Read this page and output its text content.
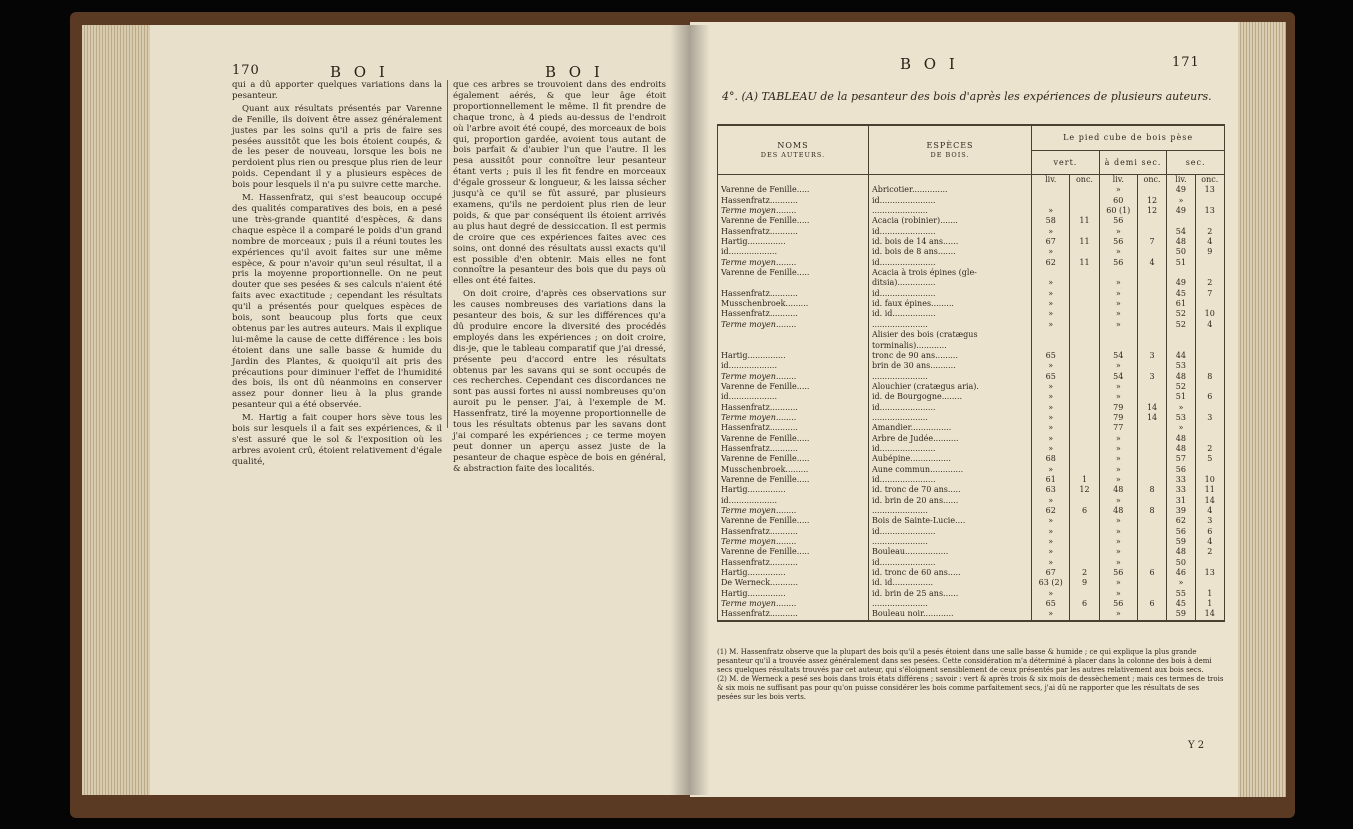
170	B O I	B O I

qui a dû apporter quelques variations dans la pesanteur.

Quant aux résultats présentés par Varenne de Fenille, ils doivent être assez généralement justes par les soins qu'il a pris de faire ses pesées aussitôt que les bois étoient coupés, & de les peser de nouveau, lorsque les bois ne perdoient plus rien ou presque plus rien de leur poids. Cependant il y a plusieurs espèces de bois pour lesquels il n'a pu suivre cette marche.

M. Hassenfratz, qui s'est beaucoup occupé des qualités comparatives des bois, en a pesé une très-grande quantité d'espèces, & dans chaque espèce il a comparé le poids d'un grand nombre de morceaux ; puis il a réuni toutes les expériences qu'il avoit faites sur une même espèce, & pour n'avoir qu'un seul résultat, il a pris la moyenne proportionnelle. On ne peut douter que ses pesées & ses calculs n'aient été faits avec exactitude ; cependant les résultats qu'il a présentés pour quelques espèces de bois, sont beaucoup plus forts que ceux obtenus par les autres auteurs. Mais il explique lui-même la cause de cette différence : les bois étoient dans une salle basse & humide du Jardin des Plantes, & quoiqu'il ait pris des précautions pour diminuer l'effet de l'humidité des bois, ils ont dû néanmoins en conserver assez pour donner lieu à la plus grande pesanteur qui a été observée.

M. Hartig a fait couper hors sève tous les bois sur lesquels il a fait ses expériences, & il s'est assuré que le sol & l'exposition où les arbres avoient crû, étoient relativement d'égale qualité,

que ces arbres se trouvoient dans des endroits également aérés, & que leur âge étoit proportionnellement le même. Il fit prendre de chaque tronc, à 4 pieds au-dessus de l'endroit où l'arbre avoit été coupé, des morceaux de bois qui, proportion gardée, avoient tous autant de bois parfait & d'aubier l'un que l'autre. Il les pesa aussitôt pour connoître leur pesanteur étant verts ; puis il les fit fendre en morceaux d'égale grosseur & longueur, & les laissa sécher jusqu'à ce qu'il se fût assuré, par plusieurs examens, qu'ils ne perdoient plus rien de leur poids, & que par conséquent ils étoient arrivés au plus haut degré de dessiccation. Il est permis de croire que ces expériences faites avec ces soins, ont donné des résultats aussi exacts qu'il est possible d'en obtenir. Mais elles ne font connoître la pesanteur des bois que du pays où elles ont été faites.

On doit croire, d'après ces observations sur les causes nombreuses des variations dans la pesanteur des bois, & sur les différences qu'a dû produire encore la diversité des procédés employés dans les expériences ; on doit croire, dis-je, que le tableau comparatif que j'ai dressé, présente peu d'accord entre les résultats obtenus par les savans qui se sont occupés de ces recherches. Cependant ces discordances ne sont pas aussi fortes ni aussi nombreuses qu'on auroit pu le penser. J'ai, à l'exemple de M. Hassenfratz, tiré la moyenne proportionnelle de tous les résultats obtenus par les savans dont j'ai comparé les expériences ; ce terme moyen peut donner un aperçu assez juste de la pesanteur de chaque espèce de bois en général, & abstraction faite des localités.

B O I	171
4°. (A) TABLEAU de la pesanteur des bois d'après les expériences de plusieurs auteurs.
NOMS
DES AUTEURS.	ESPÈCES
DE BOIS.	Le pied cube de bois pèse					
		vert.		à demi sec.		sec.	
		liv.	onc.	liv.	onc.	liv.	onc.
Varenne de Fenille.....	Abricotier..............			»		49	13
Hassenfratz...........	id......................			60	12	»	
Terme moyen........	......................	»		60 (1)	12	49	13
Varenne de Fenille.....	Acacia (robinier).......	58	11	56			
Hassenfratz...........	id......................	»		»		54	2
Hartig...............	id. bois de 14 ans......	67	11	56	7	48	4
id...................	id. bois de 8 ans.......	»		»		50	9
Terme moyen........	id......................	62	11	56	4	51	
Varenne de Fenille.....	Acacia à trois épines (gle-						
	ditsia)...............	»		»		49	2
Hassenfratz...........	id......................	»		»		45	7
Musschenbroek.........	id. faux épines.........	»		»		61	
Hassenfratz...........	id. id.................	»		»		52	10
Terme moyen........	......................	»		»		52	4
	Alisier des bois (cratægus						
	torminalis)............						
Hartig...............	tronc de 90 ans.........	65		54	3	44	
id...................	brin de 30 ans..........	»		»		53	
Terme moyen........	......................	65		54	3	48	8
Varenne de Fenille.....	Alouchier (cratægus aria).	»		»		52	
id...................	id. de Bourgogne........	»		»		51	6
Hassenfratz...........	id......................	»		79	14	»	
Terme moyen........	......................	»		79	14	53	3
Hassenfratz...........	Amandier................	»		77		»	
Varenne de Fenille.....	Arbre de Judée..........	»		»		48	
Hassenfratz...........	id......................	»		»		48	2
Varenne de Fenille.....	Aubépine................	68		»		57	5
Musschenbroek.........	Aune commun.............	»		»		56	
Varenne de Fenille.....	id......................	61	1	»		33	10
Hartig...............	id. tronc de 70 ans.....	63	12	48	8	33	11
id...................	id. brin de 20 ans......	»		»		31	14
Terme moyen........	......................	62	6	48	8	39	4
Varenne de Fenille.....	Bois de Sainte-Lucie....	»		»		62	3
Hassenfratz...........	id......................	»		»		56	6
Terme moyen........	......................	»		»		59	4
Varenne de Fenille.....	Bouleau.................	»		»		48	2
Hassenfratz...........	id......................	»		»		50	
Hartig...............	id. tronc de 60 ans.....	67	2	56	6	46	13
De Werneck...........	id. id................	63 (2)	9	»		»	
Hartig...............	id. brin de 25 ans......	»		»		55	1
Terme moyen........	......................	65	6	56	6	45	1
Hassenfratz...........	Bouleau noir............	»		»		59	14

(1) M. Hassenfratz observe que la plupart des bois qu'il a pesés étoient dans une salle basse & humide ; ce qui explique la plus grande pesanteur qu'il a trouvée assez généralement dans ses pesées. Cette considération m'a déterminé à placer dans la colonne des bois à demi secs quelques résultats trouvés par cet auteur, qui s'éloignent sensiblement de ceux présentés par les autres relativement aux bois secs.

(2) M. de Werneck a pesé ses bois dans trois états différens ; savoir : vert & après trois & six mois de dessèchement ; mais ces termes de trois & six mois ne suffisant pas pour qu'on puisse considérer les bois comme parfaitement secs, j'ai dû ne rapporter que les résultats de ses pesées sur les bois verts.

Y 2
